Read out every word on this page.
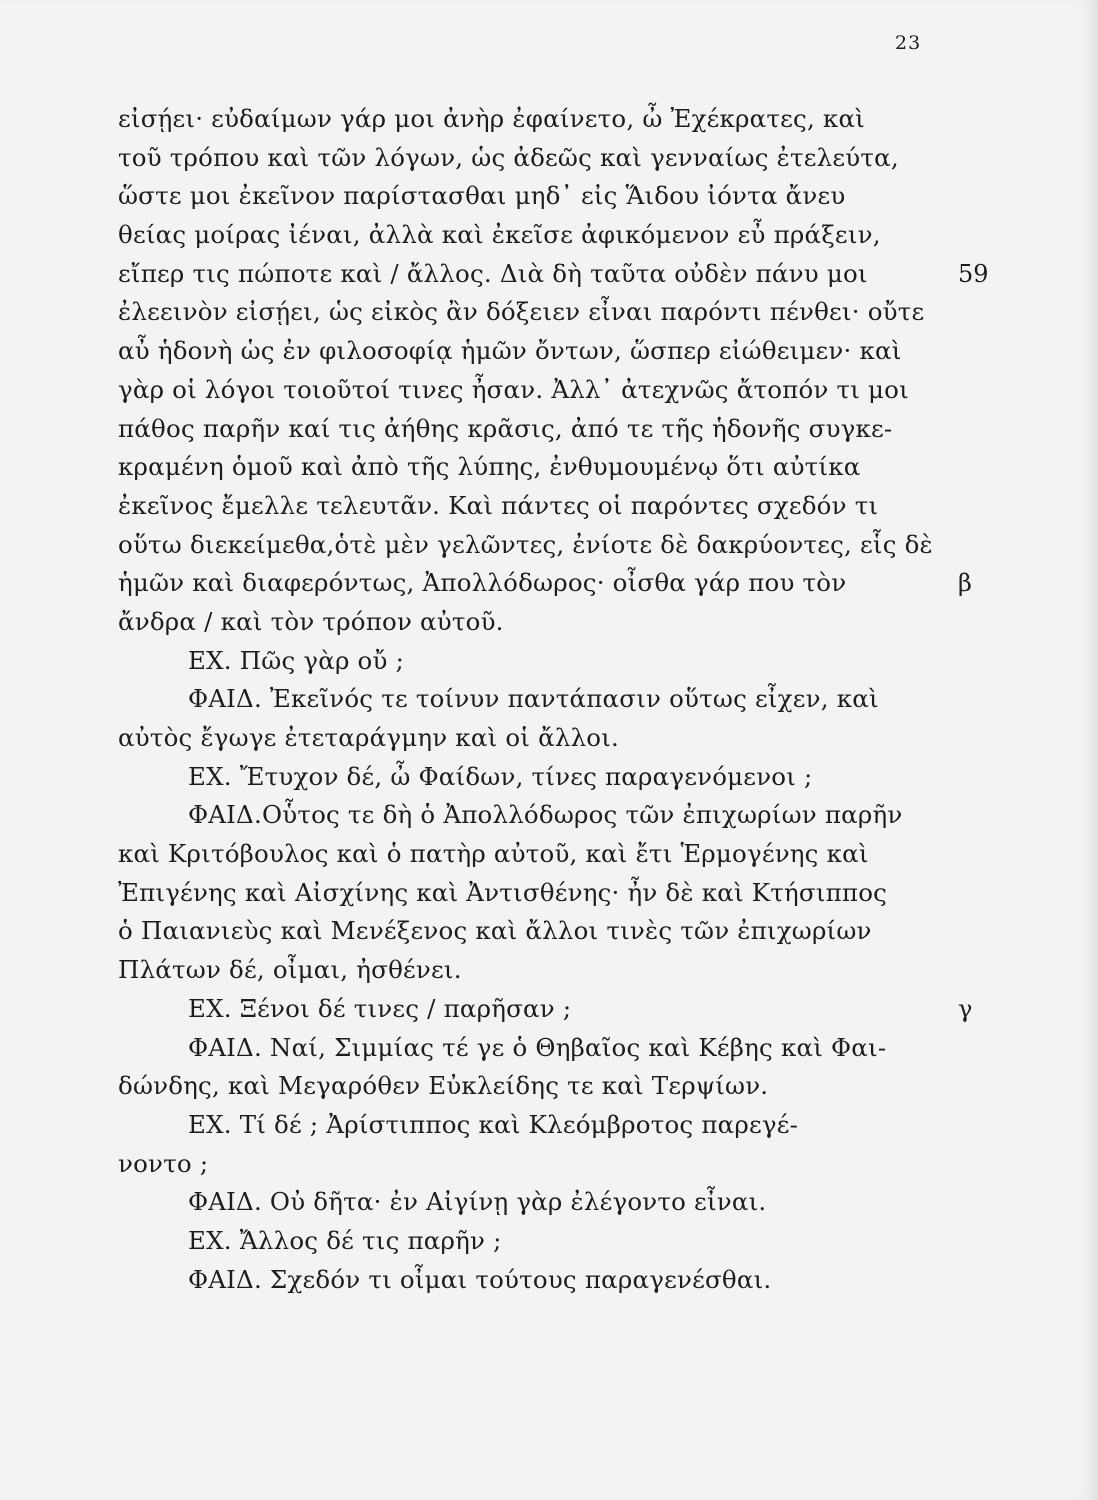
23
εἰσῄει· εὐδαίμων γάρ μοι ἀνὴρ ἐφαίνετο, ὦ Ἐχέκρατες, καὶ
τοῦ τρόπου καὶ τῶν λόγων, ὡς ἀδεῶς καὶ γενναίως ἐτελεύτα,
ὥστε μοι ἐκεῖνον παρίστασθαι μηδ᾽ εἰς Ἅιδου ἰόντα ἄνευ
θείας μοίρας ἰέναι, ἀλλὰ καὶ ἐκεῖσε ἀφικόμενον εὖ πράξειν,
εἴπερ τις πώποτε καὶ / ἄλλος. Διὰ δὴ ταῦτα οὐδὲν πάνυ μοι
ἐλεεινὸν εἰσῄει, ὡς εἰκὸς ἂν δόξειεν εἶναι παρόντι πένθει· οὔτε
αὖ ἡδονὴ ὡς ἐν φιλοσοφίᾳ ἡμῶν ὄντων, ὥσπερ εἰώθειμεν· καὶ
γὰρ οἱ λόγοι τοιοῦτοί τινες ἦσαν. Ἀλλ᾽ ἀτεχνῶς ἄτοπόν τι μοι
πάθος παρῆν καί τις ἀήθης κρᾶσις, ἀπό τε τῆς ἡδονῆς συγκε-
κραμένη ὁμοῦ καὶ ἀπὸ τῆς λύπης, ἐνθυμουμένῳ ὅτι αὐτίκα
ἐκεῖνος ἔμελλε τελευτᾶν. Καὶ πάντες οἱ παρόντες σχεδόν τι
οὕτω διεκείμεθα,ὁτὲ μὲν γελῶντες, ἐνίοτε δὲ δακρύοντες, εἷς δὲ
ἡμῶν καὶ διαφερόντως, Ἀπολλόδωρος· οἶσθα γάρ που τὸν
ἄνδρα / καὶ τὸν τρόπον αὐτοῦ.
ΕΧ. Πῶς γὰρ οὔ ;
ΦΑΙΔ. Ἐκεῖνός τε τοίνυν παντάπασιν οὕτως εἶχεν, καὶ
αὐτὸς ἔγωγε ἐτεταράγμην καὶ οἱ ἄλλοι.
ΕΧ. Ἔτυχον δέ, ὦ Φαίδων, τίνες παραγενόμενοι ;
ΦΑΙΔ.Οὗτος τε δὴ ὁ Ἀπολλόδωρος τῶν ἐπιχωρίων παρῆν
καὶ Κριτόβουλος καὶ ὁ πατὴρ αὐτοῦ, καὶ ἔτι Ἑρμογένης καὶ
Ἐπιγένης καὶ Αἰσχίνης καὶ Ἀντισθένης· ἦν δὲ καὶ Κτήσιππος
ὁ Παιανιεὺς καὶ Μενέξενος καὶ ἄλλοι τινὲς τῶν ἐπιχωρίων
Πλάτων δέ, οἶμαι, ἠσθένει.
ΕΧ. Ξένοι δέ τινες / παρῆσαν ;
ΦΑΙΔ. Ναί, Σιμμίας τέ γε ὁ Θηβαῖος καὶ Κέβης καὶ Φαι-
δώνδης, καὶ Μεγαρόθεν Εὐκλείδης τε καὶ Τερψίων.
ΕΧ. Τί δέ ; Ἀρίστιππος καὶ Κλεόμβροτος παρεγέ-
νοντο ;
ΦΑΙΔ. Οὐ δῆτα· ἐν Αἰγίνῃ γὰρ ἐλέγοντο εἶναι.
ΕΧ. Ἄλλος δέ τις παρῆν ;
ΦΑΙΔ. Σχεδόν τι οἶμαι τούτους παραγενέσθαι.
59
β
γ
